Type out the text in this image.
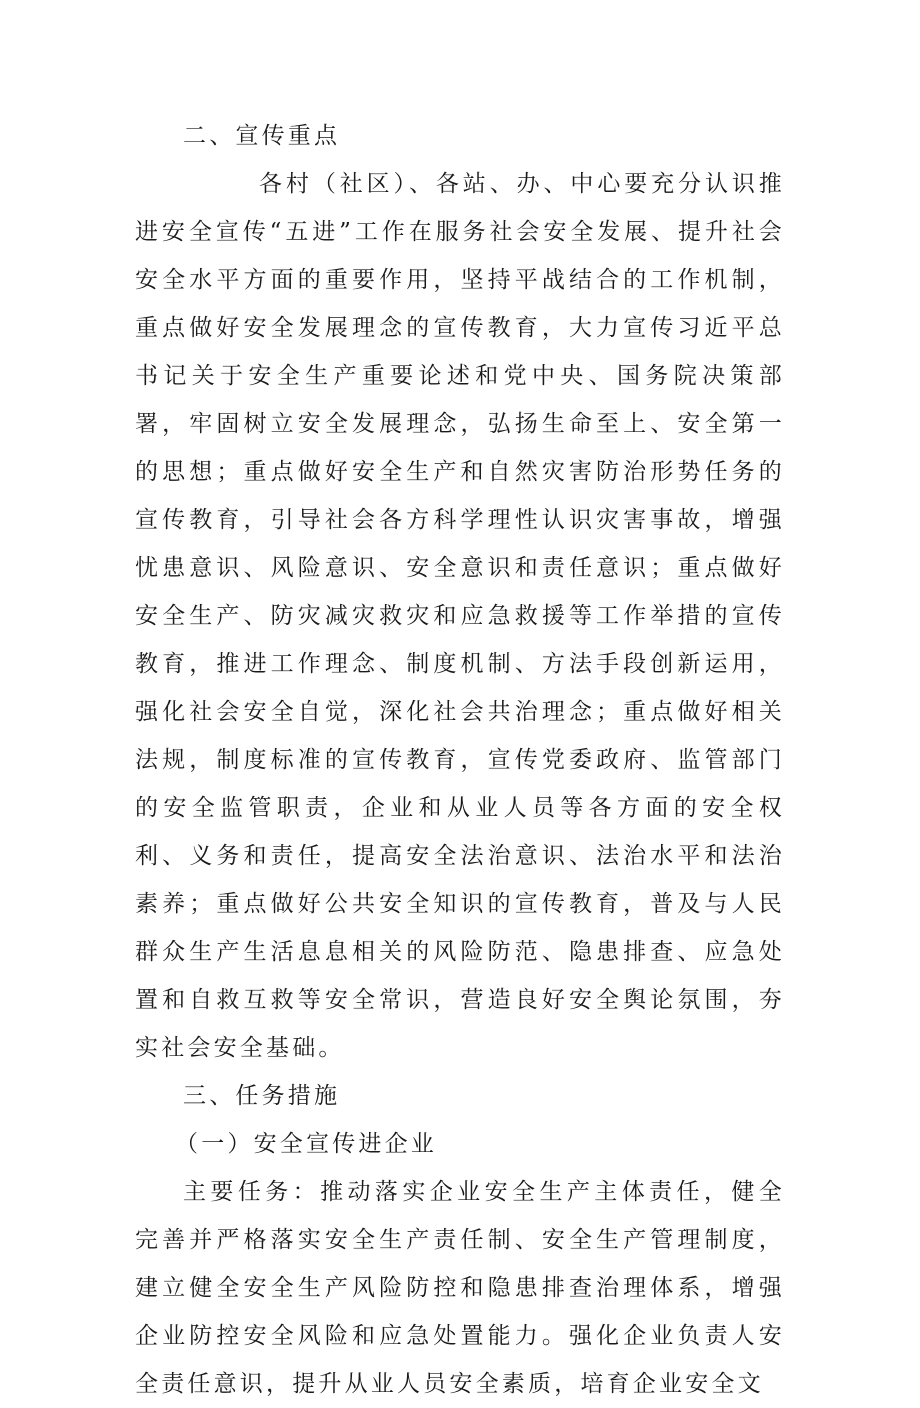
二、宣传重点

各村（社区）、各站、办、中心要充分认识推进安全宣传“五进”工作在服务社会安全发展、提升社会安全水平方面的重要作用，坚持平战结合的工作机制，重点做好安全发展理念的宣传教育，大力宣传习近平总书记关于安全生产重要论述和党中央、国务院决策部署，牢固树立安全发展理念，弘扬生命至上、安全第一的思想；重点做好安全生产和自然灾害防治形势任务的宣传教育，引导社会各方科学理性认识灾害事故，增强忧患意识、风险意识、安全意识和责任意识；重点做好安全生产、防灾减灾救灾和应急救援等工作举措的宣传教育，推进工作理念、制度机制、方法手段创新运用，强化社会安全自觉，深化社会共治理念；重点做好相关法规，制度标准的宣传教育，宣传党委政府、监管部门的安全监管职责，企业和从业人员等各方面的安全权利、义务和责任，提高安全法治意识、法治水平和法治素养；重点做好公共安全知识的宣传教育，普及与人民群众生产生活息息相关的风险防范、隐患排查、应急处置和自救互救等安全常识，营造良好安全舆论氛围，夯实社会安全基础。

三、任务措施
（一）安全宣传进企业

主要任务：推动落实企业安全生产主体责任，健全完善并严格落实安全生产责任制、安全生产管理制度，建立健全安全生产风险防控和隐患排查治理体系，增强企业防控安全风险和应急处置能力。强化企业负责人安全责任意识，提升从业人员安全素质，培育企业安全文
